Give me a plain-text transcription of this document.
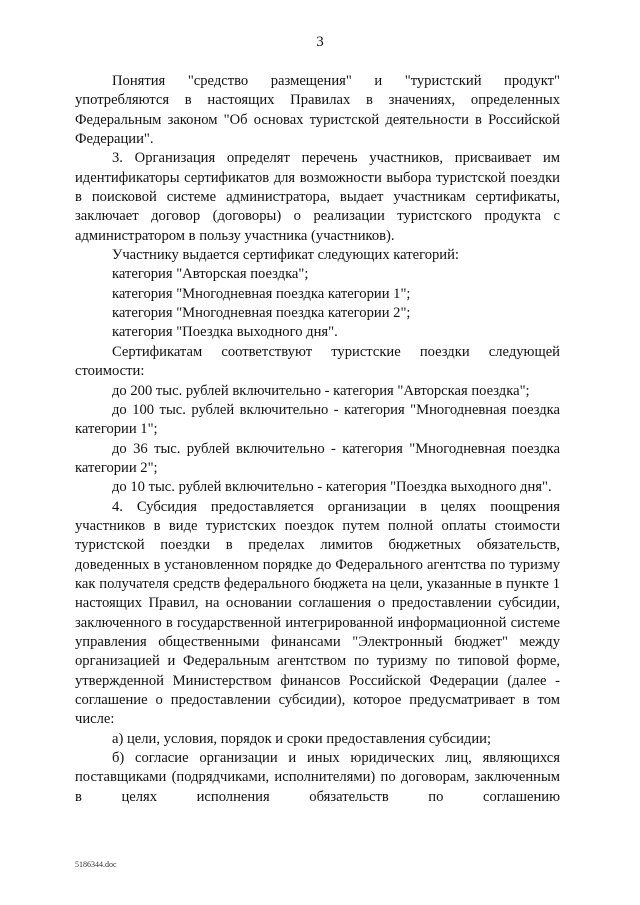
3

Понятия "средство размещения" и "туристский продукт" употребляются в настоящих Правилах в значениях, определенных Федеральным законом "Об основах туристской деятельности в Российской Федерации".

3. Организация определят перечень участников, присваивает им идентификаторы сертификатов для возможности выбора туристской поездки в поисковой системе администратора, выдает участникам сертификаты, заключает договор (договоры) о реализации туристского продукта с администратором в пользу участника (участников).

Участнику выдается сертификат следующих категорий:

категория "Авторская поездка";

категория "Многодневная поездка категории 1";

категория "Многодневная поездка категории 2";

категория "Поездка выходного дня".

Сертификатам соответствуют туристские поездки следующей стоимости:

до 200 тыс. рублей включительно - категория "Авторская поездка";

до 100 тыс. рублей включительно - категория "Многодневная поездка категории 1";

до 36 тыс. рублей включительно - категория "Многодневная поездка категории 2";

до 10 тыс. рублей включительно - категория "Поездка выходного дня".

4. Субсидия предоставляется организации в целях поощрения участников в виде туристских поездок путем полной оплаты стоимости туристской поездки в пределах лимитов бюджетных обязательств, доведенных в установленном порядке до Федерального агентства по туризму как получателя средств федерального бюджета на цели, указанные в пункте 1 настоящих Правил, на основании соглашения о предоставлении субсидии, заключенного в государственной интегрированной информационной системе управления общественными финансами "Электронный бюджет" между организацией и Федеральным агентством по туризму по типовой форме, утвержденной Министерством финансов Российской Федерации (далее - соглашение о предоставлении субсидии), которое предусматривает в том числе:

а) цели, условия, порядок и сроки предоставления субсидии;

б) согласие организации и иных юридических лиц, являющихся поставщиками (подрядчиками, исполнителями) по договорам, заключенным в целях исполнения обязательств по соглашению

5186344.doc
